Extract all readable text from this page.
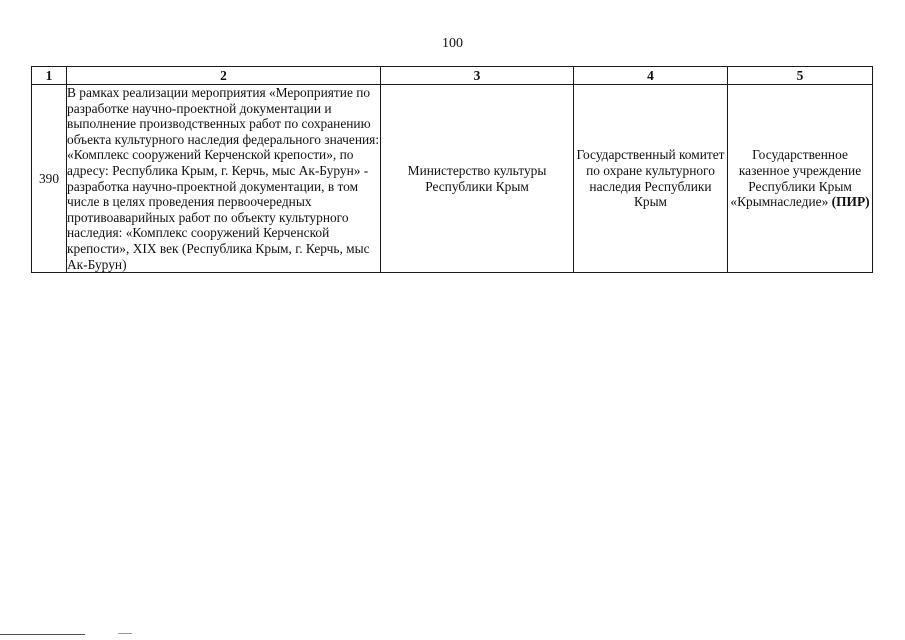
100
1	2	3	4	5
390	В рамках реализации мероприятия «Мероприятие по разработке научно-проектной документации и выполнение производственных работ по сохранению объекта культурного наследия федерального значения: «Комплекс сооружений Керченской крепости», по адресу: Республика Крым, г. Керчь, мыс Ак-Бурун» - разработка научно-проектной документации, в том числе в целях проведения первоочередных противоаварийных работ по объекту культурного наследия: «Комплекс сооружений Керченской крепости», XIX век (Республика Крым, г. Керчь, мыс Ак-Бурун)	Министерство культуры Республики Крым	Государственный комитет по охране культурного наследия Республики Крым	Государственное казенное учреждение Республики Крым «Крымнаследие» (ПИР)
